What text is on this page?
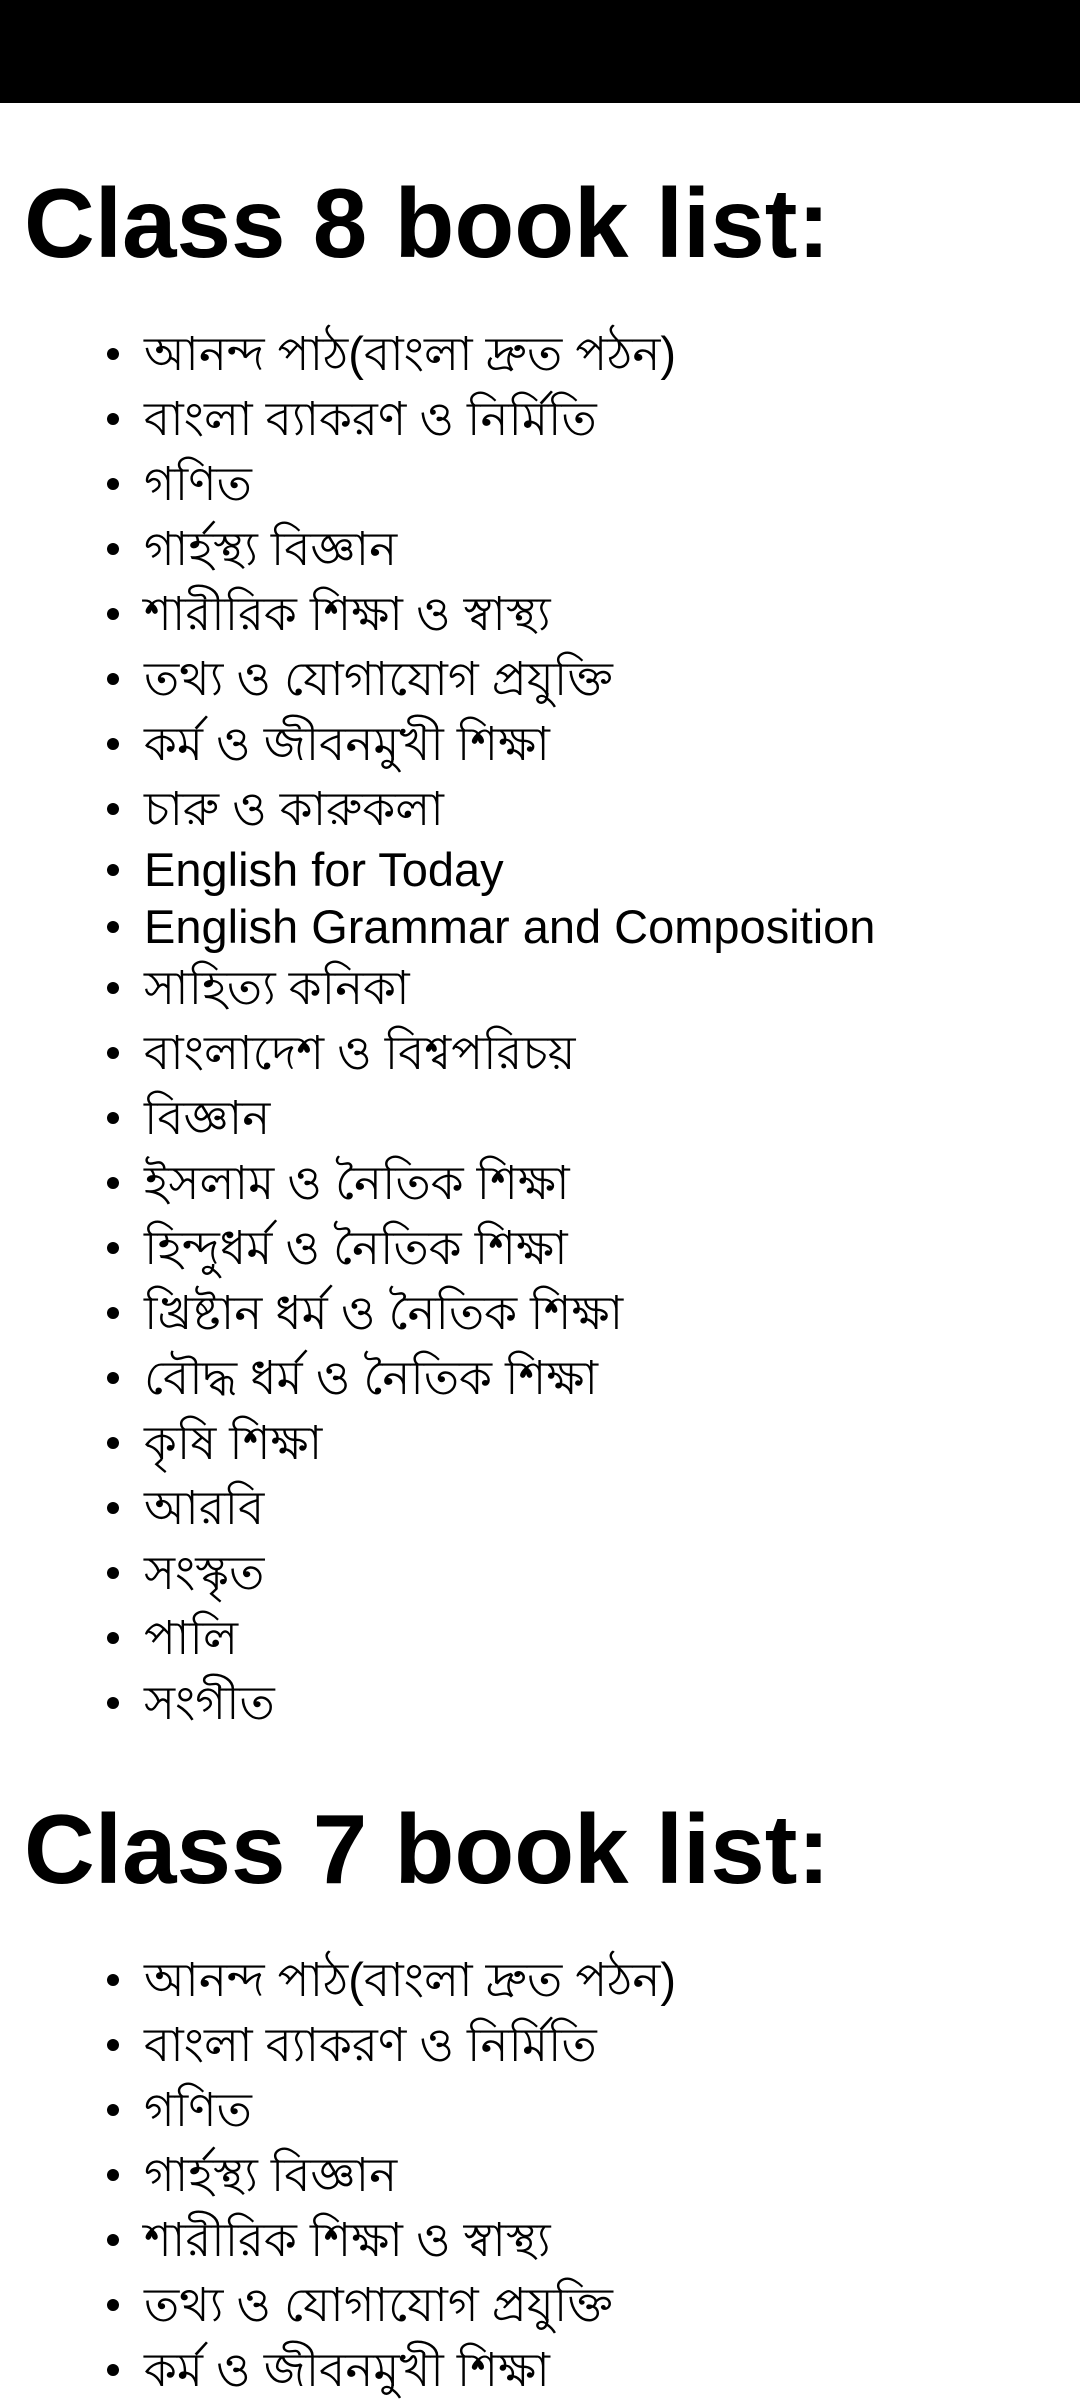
Class 8 book list:
আনন্দ পাঠ(বাংলা দ্রুত পঠন)
বাংলা ব্যাকরণ ও নির্মিতি
গণিত
গার্হস্থ্য বিজ্ঞান
শারীরিক শিক্ষা ও স্বাস্থ্য
তথ্য ও যোগাযোগ প্রযুক্তি
কর্ম ও জীবনমুখী শিক্ষা
চারু ও কারুকলা
English for Today
English Grammar and Composition
সাহিত্য কনিকা
বাংলাদেশ ও বিশ্বপরিচয়
বিজ্ঞান
ইসলাম ও নৈতিক শিক্ষা
হিন্দুধর্ম ও নৈতিক শিক্ষা
খ্রিষ্টান ধর্ম ও নৈতিক শিক্ষা
বৌদ্ধ ধর্ম ও নৈতিক শিক্ষা
কৃষি শিক্ষা
আরবি
সংস্কৃত
পালি
সংগীত
Class 7 book list:
আনন্দ পাঠ(বাংলা দ্রুত পঠন)
বাংলা ব্যাকরণ ও নির্মিতি
গণিত
গার্হস্থ্য বিজ্ঞান
শারীরিক শিক্ষা ও স্বাস্থ্য
তথ্য ও যোগাযোগ প্রযুক্তি
কর্ম ও জীবনমুখী শিক্ষা
